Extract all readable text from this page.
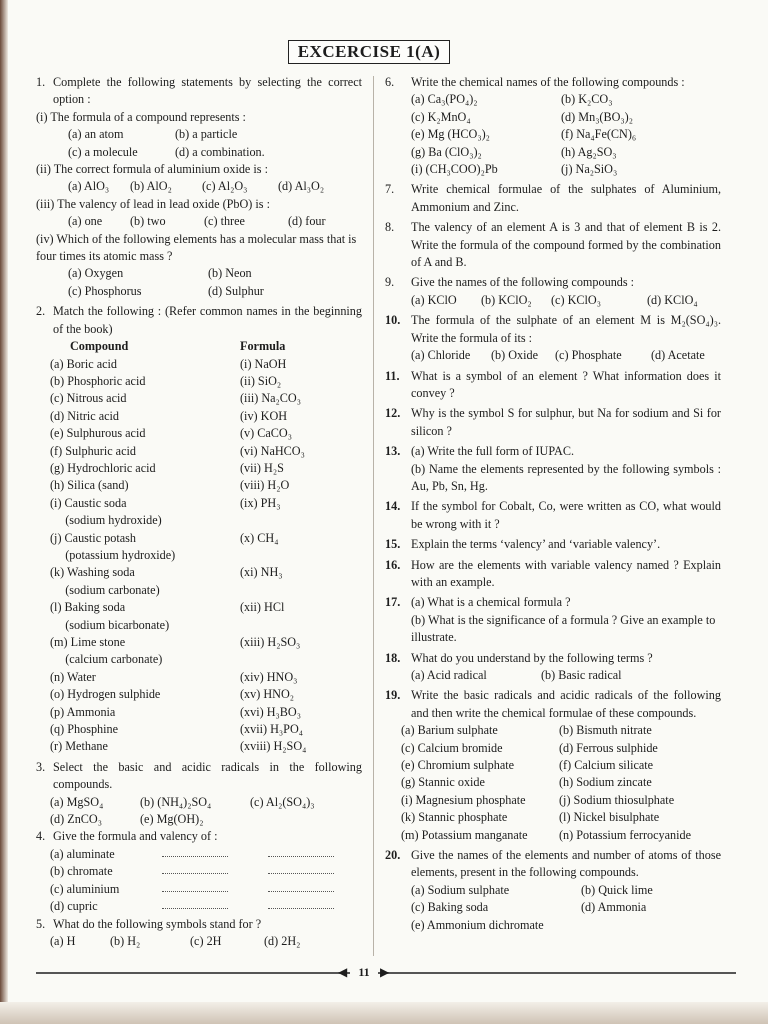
EXCERCISE 1(A)
1. Complete the following statements by selecting the correct option :
(i) The formula of a compound represents :
(a) an atom	(b) a particle
(c) a molecule	(d) a combination.
(ii) The correct formula of aluminium oxide is :
(a) AlO₃	(b) AlO₂	(c) Al₂O₃	(d) Al₃O₂
(iii) The valency of lead in lead oxide (PbO) is :
(a) one	(b) two	(c) three	(d) four
(iv) Which of the following elements has a molecular mass that is four times its atomic mass ?
(a) Oxygen	(b) Neon
(c) Phosphorus	(d) Sulphur
2. Match the following : (Refer common names in the beginning of the book)
Compound	Formula
(a) Boric acid	(i) NaOH
(b) Phosphoric acid	(ii) SiO₂
(c) Nitrous acid	(iii) Na₂CO₃
(d) Nitric acid	(iv) KOH
(e) Sulphurous acid	(v) CaCO₃
(f) Sulphuric acid	(vi) NaHCO₃
(g) Hydrochloric acid	(vii) H₂S
(h) Silica (sand)	(viii) H₂O
(i) Caustic soda	(ix) PH₃
(sodium hydroxide)
(j) Caustic potash	(x) CH₄
(potassium hydroxide)
(k) Washing soda	(xi) NH₃
(sodium carbonate)
(l) Baking soda	(xii) HCl
(sodium bicarbonate)
(m) Lime stone	(xiii) H₂SO₃
(calcium carbonate)
(n) Water	(xiv) HNO₃
(o) Hydrogen sulphide	(xv) HNO₂
(p) Ammonia	(xvi) H₃BO₃
(q) Phosphine	(xvii) H₃PO₄
(r) Methane	(xviii) H₂SO₄
3. Select the basic and acidic radicals in the following compounds.
(a) MgSO₄	(b) (NH₄)₂SO₄	(c) Al₂(SO₄)₃
(d) ZnCO₃	(e) Mg(OH)₂
4. Give the formula and valency of :
(a) aluminate
(b) chromate
(c) aluminium
(d) cupric
5. What do the following symbols stand for ?
(a) H	(b) H₂	(c) 2H	(d) 2H₂
6.	Write the chemical names of the following compounds :
(a) Ca₃(PO₄)₂	(b) K₂CO₃
(c) K₂MnO₄	(d) Mn₃(BO₃)₂
(e) Mg (HCO₃)₂	(f) Na₄Fe(CN)₆
(g) Ba (ClO₃)₂	(h) Ag₂SO₃
(i) (CH₃COO)₂Pb	(j) Na₂SiO₃
7.	Write chemical formulae of the sulphates of Aluminium, Ammonium and Zinc.
8.	The valency of an element A is 3 and that of element B is 2. Write the formula of the compound formed by the combination of A and B.
9.	Give the names of the following compounds :
(a) KClO	(b) KClO₂	(c) KClO₃	(d) KClO₄
10. The formula of the sulphate of an element M is M₂(SO₄)₃. Write the formula of its :
(a) Chloride	(b) Oxide	(c) Phosphate	(d) Acetate
11. What is a symbol of an element ? What information does it convey ?
12. Why is the symbol S for sulphur, but Na for sodium and Si for silicon ?
13. (a) Write the full form of IUPAC.
(b) Name the elements represented by the following symbols : Au, Pb, Sn, Hg.
14. If the symbol for Cobalt, Co, were written as CO, what would be wrong with it ?
15. Explain the terms ‘valency’ and ‘variable valency’.
16. How are the elements with variable valency named ? Explain with an example.
17. (a) What is a chemical formula ?
(b) What is the significance of a formula ? Give an example to illustrate.
18. What do you understand by the following terms ?
(a) Acid radical	(b) Basic radical
19. Write the basic radicals and acidic radicals of the following and then write the chemical formulae of these compounds.
(a) Barium sulphate	(b) Bismuth nitrate
(c) Calcium bromide	(d) Ferrous sulphide
(e) Chromium sulphate	(f) Calcium silicate
(g) Stannic oxide	(h) Sodium zincate
(i) Magnesium phosphate	(j) Sodium thiosulphate
(k) Stannic phosphate	(l) Nickel bisulphate
(m) Potassium manganate	(n) Potassium ferrocyanide
20. Give the names of the elements and number of atoms of those elements, present in the following compounds.
(a) Sodium sulphate	(b) Quick lime
(c) Baking soda	(d) Ammonia
(e) Ammonium dichromate
◀ 11 ▶
